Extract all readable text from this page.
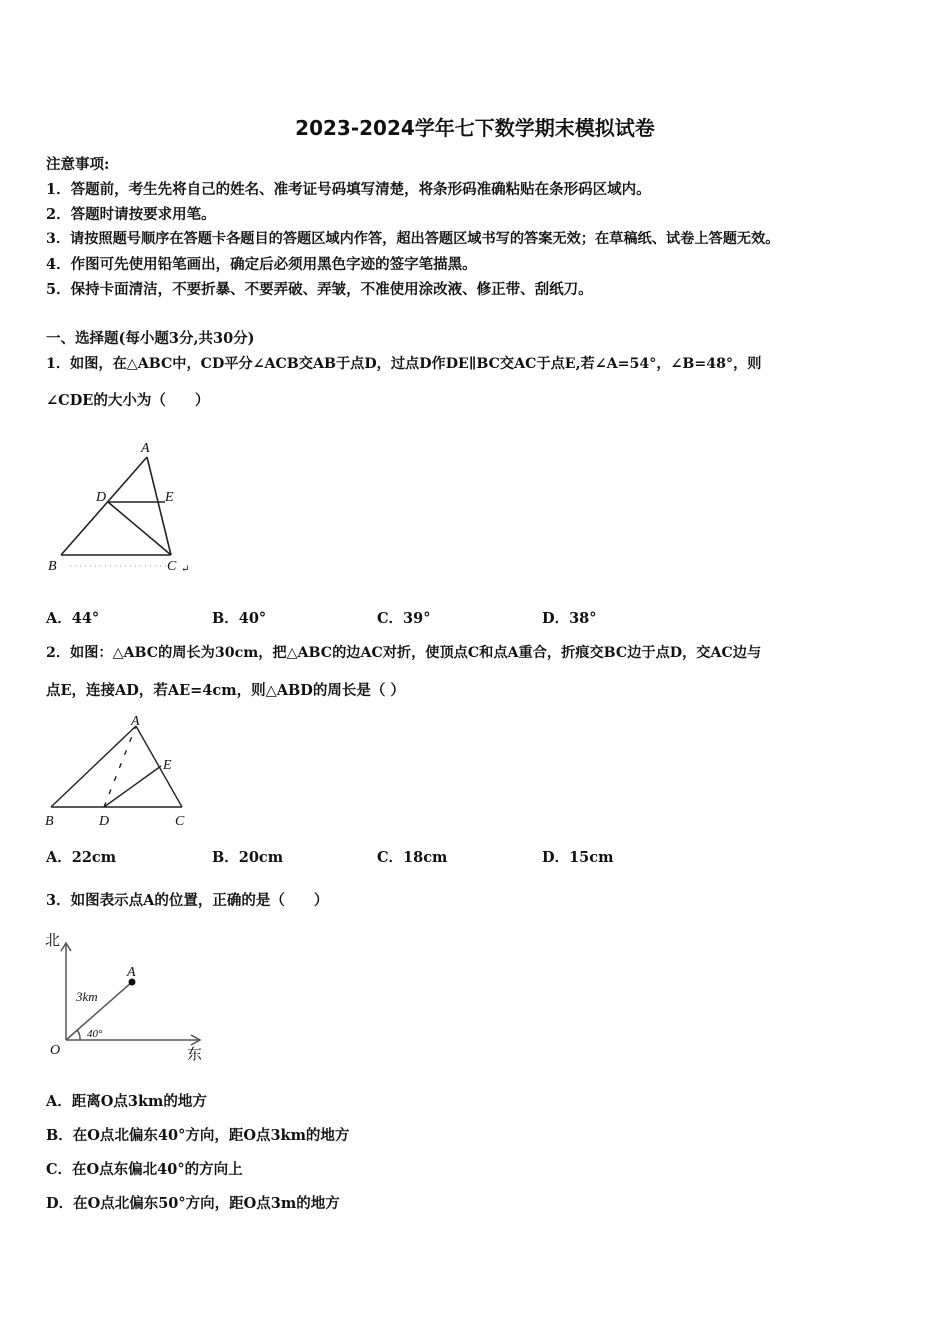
2023-2024学年七下数学期末模拟试卷
注意事项:
1．答题前，考生先将自己的姓名、准考证号码填写清楚，将条形码准确粘贴在条形码区域内。
2．答题时请按要求用笔。
3．请按照题号顺序在答题卡各题目的答题区域内作答，超出答题区域书写的答案无效；在草稿纸、试卷上答题无效。
4．作图可先使用铅笔画出，确定后必须用黑色字迹的签字笔描黑。
5．保持卡面清洁，不要折暴、不要弄破、弄皱，不准使用涂改液、修正带、刮纸刀。
一、选择题(每小题3分,共30分)
1．如图，在△ABC中，CD平分∠ACB交AB于点D，过点D作DE∥BC交AC于点E,若∠A=54°，∠B=48°，则
∠CDE的大小为（　　）
A
D	E
B	C ↵
A．44°	B．40°	C．39°	D．38°
2．如图：△ABC的周长为30cm，把△ABC的边AC对折，使顶点C和点A重合，折痕交BC边于点D，交AC边与
点E，连接AD，若AE=4cm，则△ABD的周长是（ ）
A
E
B	D	C
A．22cm	B．20cm	C．18cm	D．15cm
3．如图表示点A的位置，正确的是（　　）
北
东
O
A
3km
40°
A．距离O点3km的地方
B．在O点北偏东40°方向，距O点3km的地方
C．在O点东偏北40°的方向上
D．在O点北偏东50°方向，距O点3m的地方
